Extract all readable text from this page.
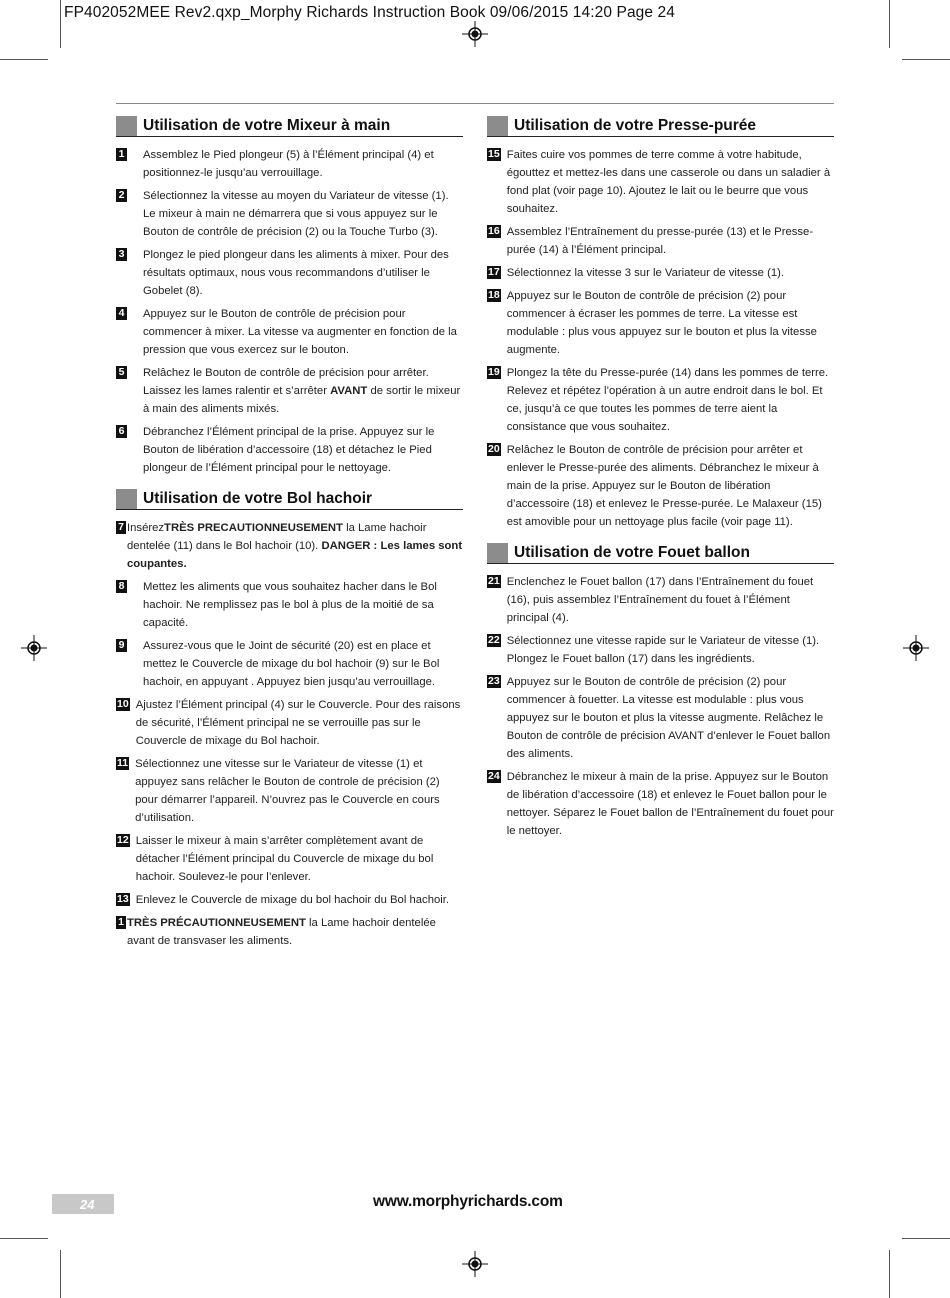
FP402052MEE Rev2.qxp_Morphy Richards Instruction Book 09/06/2015 14:20 Page 24
Utilisation de votre Mixeur à main
1 Assemblez le Pied plongeur (5) à l’Élément principal (4) et positionnez-le jusqu’au verrouillage.
2 Sélectionnez la vitesse au moyen du Variateur de vitesse (1). Le mixeur à main ne démarrera que si vous appuyez sur le Bouton de contrôle de précision (2) ou la Touche Turbo (3).
3 Plongez le pied plongeur dans les aliments à mixer. Pour des résultats optimaux, nous vous recommandons d’utiliser le Gobelet (8).
4 Appuyez sur le Bouton de contrôle de précision pour commencer à mixer. La vitesse va augmenter en fonction de la pression que vous exercez sur le bouton.
5 Relâchez le Bouton de contrôle de précision pour arrêter. Laissez les lames ralentir et s’arrêter AVANT de sortir le mixeur à main des aliments mixés.
6 Débranchez l’Élément principal de la prise. Appuyez sur le Bouton de libération d’accessoire (18) et détachez le Pied plongeur de l’Élément principal pour le nettoyage.
Utilisation de votre Bol hachoir
7 InsérezTRÈS PRECAUTIONNEUSEMENT la Lame hachoir dentelée (11) dans le Bol hachoir (10). DANGER : Les lames sont coupantes.
8 Mettez les aliments que vous souhaitez hacher dans le Bol hachoir. Ne remplissez pas le bol à plus de la moitié de sa capacité.
9 Assurez-vous que le Joint de sécurité (20) est en place et mettez le Couvercle de mixage du bol hachoir (9) sur le Bol hachoir, en appuyant . Appuyez bien jusqu’au verrouillage.
10 Ajustez l’Élément principal (4) sur le Couvercle. Pour des raisons de sécurité, l’Élément principal ne se verrouille pas sur le Couvercle de mixage du Bol hachoir.
11 Sélectionnez une vitesse sur le Variateur de vitesse (1) et appuyez sans relâcher le Bouton de controle de précision (2) pour démarrer l’appareil. N’ouvrez pas le Couvercle en cours d’utilisation.
12 Laisser le mixeur à main s’arrêter complètement avant de détacher l’Élément principal du Couvercle de mixage du bol hachoir. Soulevez-le pour l’enlever.
13 Enlevez le Couvercle de mixage du bol hachoir du Bol hachoir.
1 TRÈS PRÉCAUTIONNEUSEMENT la Lame hachoir dentelée avant de transvaser les aliments.
Utilisation de votre Presse-purée
15 Faites cuire vos pommes de terre comme à votre habitude, égouttez et mettez-les dans une casserole ou dans un saladier à fond plat (voir page 10). Ajoutez le lait ou le beurre que vous souhaitez.
16 Assemblez l’Entraînement du presse-purée (13) et le Presse-purée (14) à l’Élément principal.
17 Sélectionnez la vitesse 3 sur le Variateur de vitesse (1).
18 Appuyez sur le Bouton de contrôle de précision (2) pour commencer à écraser les pommes de terre. La vitesse est modulable : plus vous appuyez sur le bouton et plus la vitesse augmente.
19 Plongez la tête du Presse-purée (14) dans les pommes de terre. Relevez et répétez l’opération à un autre endroit dans le bol. Et ce, jusqu’à ce que toutes les pommes de terre aient la consistance que vous souhaitez.
20 Relâchez le Bouton de contrôle de précision pour arrêter et enlever le Presse-purée des aliments. Débranchez le mixeur à main de la prise. Appuyez sur le Bouton de libération d’accessoire (18) et enlevez le Presse-purée. Le Malaxeur (15) est amovible pour un nettoyage plus facile (voir page 11).
Utilisation de votre Fouet ballon
21 Enclenchez le Fouet ballon (17) dans l’Entraînement du fouet (16), puis assemblez l’Entraînement du fouet à l’Élément principal (4).
22 Sélectionnez une vitesse rapide sur le Variateur de vitesse (1). Plongez le Fouet ballon (17) dans les ingrédients.
23 Appuyez sur le Bouton de contrôle de précision (2) pour commencer à fouetter. La vitesse est modulable : plus vous appuyez sur le bouton et plus la vitesse augmente. Relâchez le Bouton de contrôle de précision AVANT d’enlever le Fouet ballon des aliments.
24 Débranchez le mixeur à main de la prise. Appuyez sur le Bouton de libération d’accessoire (18) et enlevez le Fouet ballon pour le nettoyer. Séparez le Fouet ballon de l’Entraînement du fouet pour le nettoyer.
24	www.morphyrichards.com
